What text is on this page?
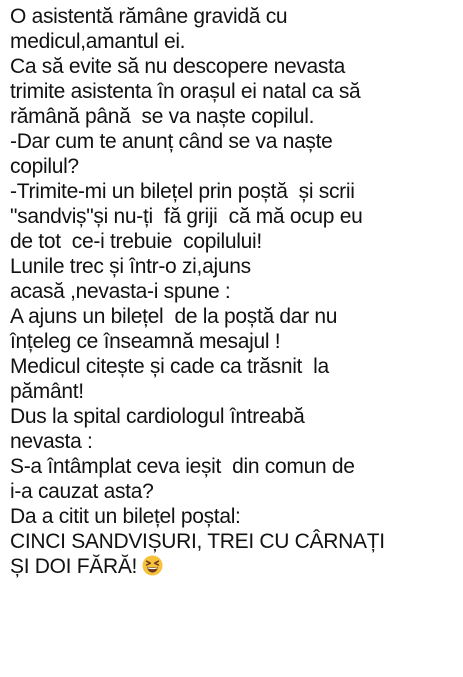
O asistentă rămâne gravidă cu
medicul,amantul ei.
Ca să evite să nu descopere nevasta
trimite asistenta în orașul ei natal ca să
rămână până  se va naște copilul.
-Dar cum te anunț când se va naște
copilul?
-Trimite-mi un bilețel prin poștă  și scrii
"sandviș"și nu-ți  fă griji  că mă ocup eu
de tot  ce-i trebuie  copilului!
Lunile trec și într-o zi,ajuns
acasă ,nevasta-i spune :
A ajuns un bilețel  de la poștă dar nu
înțeleg ce înseamnă mesajul !
Medicul citește și cade ca trăsnit  la
pământ!
Dus la spital cardiologul întreabă
nevasta :
S-a întâmplat ceva ieșit  din comun de
i-a cauzat asta?
Da a citit un bilețel poștal:
CINCI SANDVIȘURI, TREI CU CÂRNAȚI
ȘI DOI FĂRĂ!
